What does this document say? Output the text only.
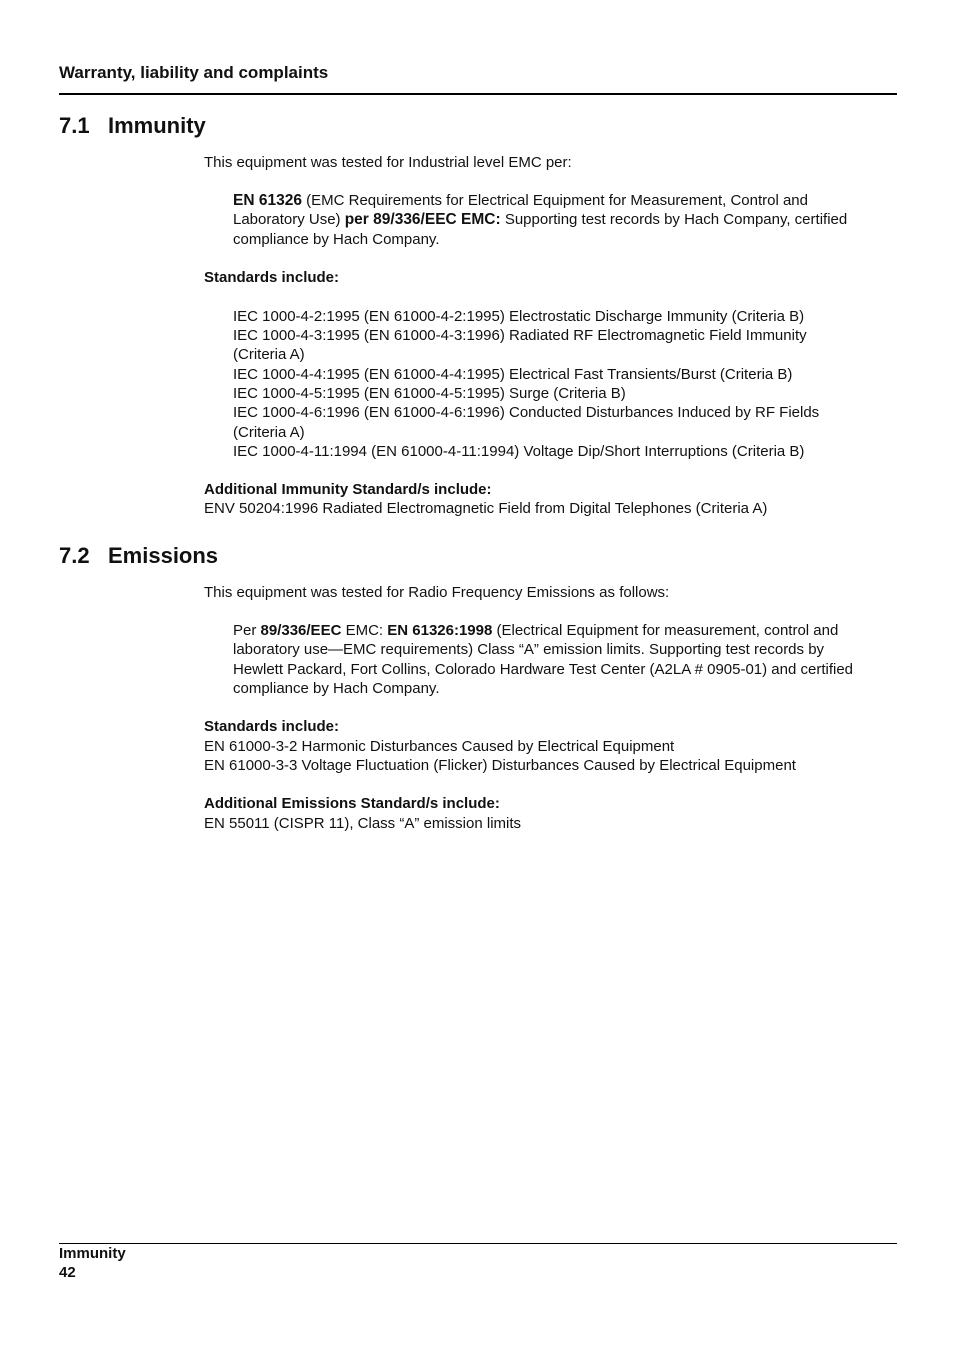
Warranty, liability and complaints
7.1 Immunity
This equipment was tested for Industrial level EMC per:
EN 61326 (EMC Requirements for Electrical Equipment for Measurement, Control and
Laboratory Use) per 89/336/EEC EMC: Supporting test records by Hach Company, certified
compliance by Hach Company.
Standards include:
IEC 1000-4-2:1995 (EN 61000-4-2:1995) Electrostatic Discharge Immunity (Criteria B)
IEC 1000-4-3:1995 (EN 61000-4-3:1996) Radiated RF Electromagnetic Field Immunity
(Criteria A)
IEC 1000-4-4:1995 (EN 61000-4-4:1995) Electrical Fast Transients/Burst (Criteria B)
IEC 1000-4-5:1995 (EN 61000-4-5:1995) Surge (Criteria B)
IEC 1000-4-6:1996 (EN 61000-4-6:1996) Conducted Disturbances Induced by RF Fields
(Criteria A)
IEC 1000-4-11:1994 (EN 61000-4-11:1994) Voltage Dip/Short Interruptions (Criteria B)
Additional Immunity Standard/s include:
ENV 50204:1996 Radiated Electromagnetic Field from Digital Telephones (Criteria A)
7.2 Emissions
This equipment was tested for Radio Frequency Emissions as follows:
Per 89/336/EEC EMC: EN 61326:1998 (Electrical Equipment for measurement, control and
laboratory use—EMC requirements) Class “A” emission limits. Supporting test records by
Hewlett Packard, Fort Collins, Colorado Hardware Test Center (A2LA # 0905-01) and certified
compliance by Hach Company.
Standards include:
EN 61000-3-2 Harmonic Disturbances Caused by Electrical Equipment
EN 61000-3-3 Voltage Fluctuation (Flicker) Disturbances Caused by Electrical Equipment
Additional Emissions Standard/s include:
EN 55011 (CISPR 11), Class “A” emission limits
Immunity
42
